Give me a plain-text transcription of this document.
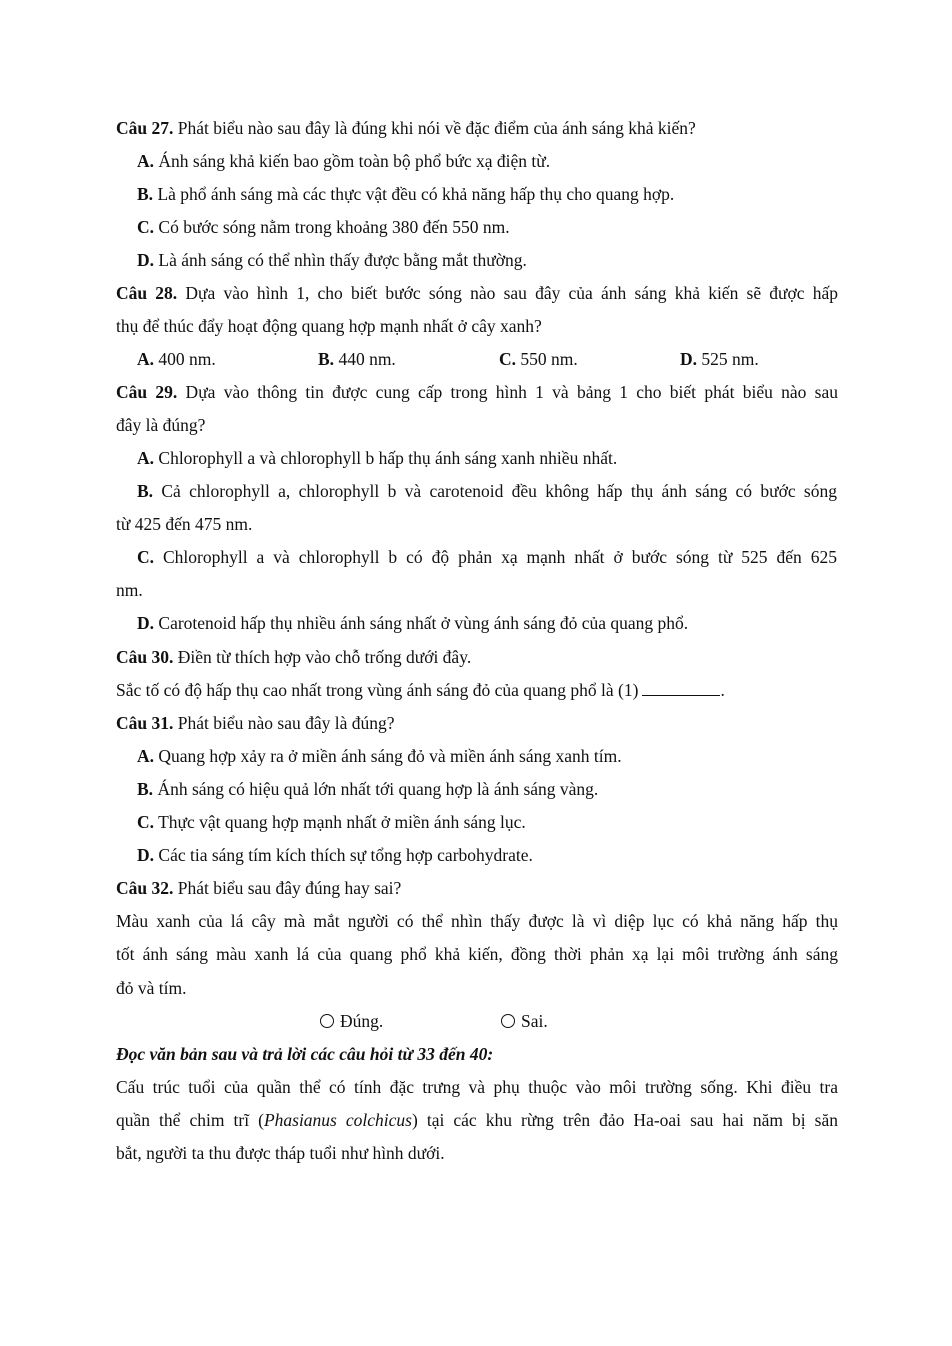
Câu 27. Phát biểu nào sau đây là đúng khi nói về đặc điểm của ánh sáng khả kiến?
A. Ánh sáng khả kiến bao gồm toàn bộ phổ bức xạ điện từ.
B. Là phổ ánh sáng mà các thực vật đều có khả năng hấp thụ cho quang hợp.
C. Có bước sóng nằm trong khoảng 380 đến 550 nm.
D. Là ánh sáng có thể nhìn thấy được bằng mắt thường.
Câu 28. Dựa vào hình 1, cho biết bước sóng nào sau đây của ánh sáng khả kiến sẽ được hấp
thụ để thúc đẩy hoạt động quang hợp mạnh nhất ở cây xanh?
A. 400 nm.	B. 440 nm.	C. 550 nm.	D. 525 nm.
Câu 29. Dựa vào thông tin được cung cấp trong hình 1 và bảng 1 cho biết phát biểu nào sau
đây là đúng?
A. Chlorophyll a và chlorophyll b hấp thụ ánh sáng xanh nhiều nhất.
B. Cả chlorophyll a, chlorophyll b và carotenoid đều không hấp thụ ánh sáng có bước sóng
từ 425 đến 475 nm.
C. Chlorophyll a và chlorophyll b có độ phản xạ mạnh nhất ở bước sóng từ 525 đến 625
nm.
D. Carotenoid hấp thụ nhiều ánh sáng nhất ở vùng ánh sáng đỏ của quang phổ.
Câu 30. Điền từ thích hợp vào chỗ trống dưới đây.
Sắc tố có độ hấp thụ cao nhất trong vùng ánh sáng đỏ của quang phổ là (1)	.
Câu 31. Phát biểu nào sau đây là đúng?
A. Quang hợp xảy ra ở miền ánh sáng đỏ và miền ánh sáng xanh tím.
B. Ánh sáng có hiệu quả lớn nhất tới quang hợp là ánh sáng vàng.
C. Thực vật quang hợp mạnh nhất ở miền ánh sáng lục.
D. Các tia sáng tím kích thích sự tổng hợp carbohydrate.
Câu 32. Phát biểu sau đây đúng hay sai?
Màu xanh của lá cây mà mắt người có thể nhìn thấy được là vì diệp lục có khả năng hấp thụ
tốt ánh sáng màu xanh lá của quang phổ khả kiến, đồng thời phản xạ lại môi trường ánh sáng
đỏ và tím.
Đúng.	Sai.
Đọc văn bản sau và trả lời các câu hỏi từ 33 đến 40:
Cấu trúc tuổi của quần thể có tính đặc trưng và phụ thuộc vào môi trường sống. Khi điều tra
quần thể chim trĩ (Phasianus colchicus) tại các khu rừng trên đảo Ha-oai sau hai năm bị săn
bắt, người ta thu được tháp tuổi như hình dưới.
